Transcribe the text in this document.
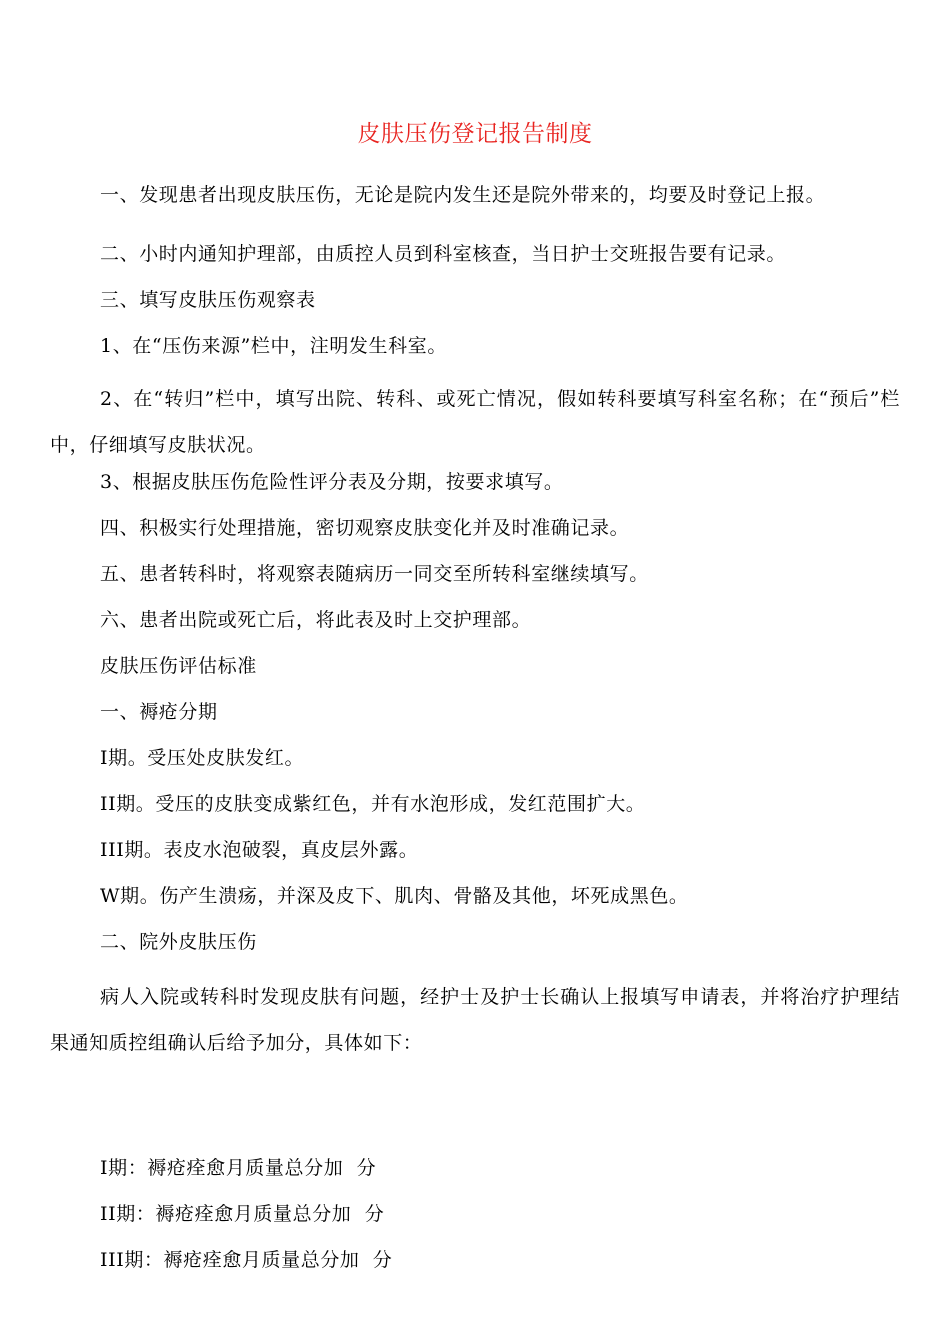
皮肤压伤登记报告制度

一、发现患者出现皮肤压伤，无论是院内发生还是院外带来的，均要及时登记上报。

二、小时内通知护理部，由质控人员到科室核查，当日护士交班报告要有记录。
三、填写皮肤压伤观察表
1、在“压伤来源”栏中，注明发生科室。

2、在“转归”栏中，填写出院、转科、或死亡情况，假如转科要填写科室名称；在“预后”栏中，仔细填写皮肤状况。

3、根据皮肤压伤危险性评分表及分期，按要求填写。
四、积极实行处理措施，密切观察皮肤变化并及时准确记录。
五、患者转科时，将观察表随病历一同交至所转科室继续填写。
六、患者出院或死亡后，将此表及时上交护理部。
皮肤压伤评估标准
一、褥疮分期
I期。受压处皮肤发红。
II期。受压的皮肤变成紫红色，并有水泡形成，发红范围扩大。
III期。表皮水泡破裂，真皮层外露。
W期。伤产生溃疡，并深及皮下、肌肉、骨骼及其他，坏死成黑色。
二、院外皮肤压伤

病人入院或转科时发现皮肤有问题，经护士及护士长确认上报填写申请表，并将治疗护理结果通知质控组确认后给予加分，具体如下：

I期：褥疮痊愈月质量总分加  分
II期：褥疮痊愈月质量总分加  分
III期：褥疮痊愈月质量总分加  分
